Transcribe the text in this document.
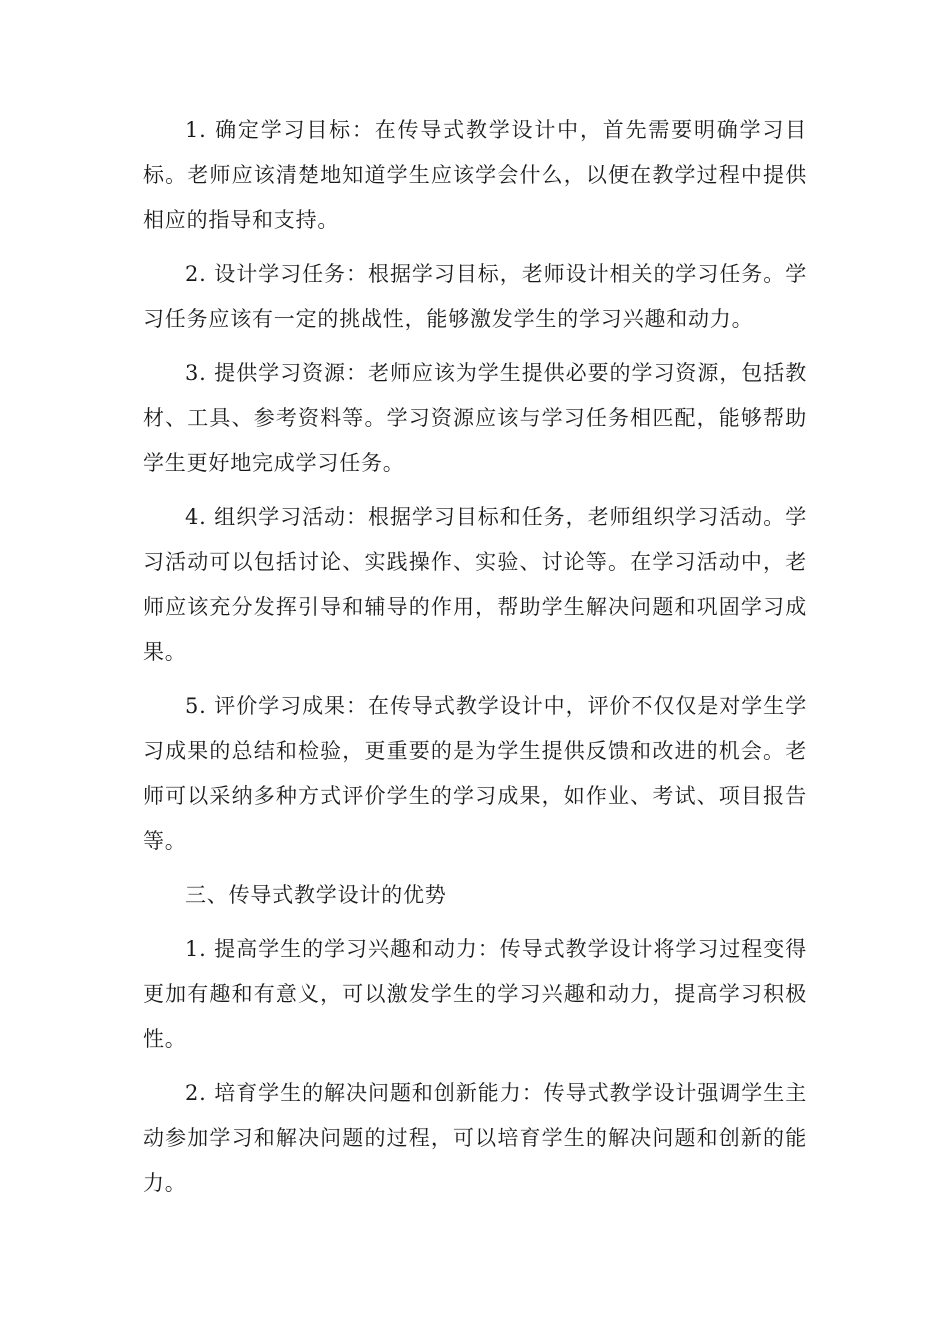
1. 确定学习目标：在传导式教学设计中，首先需要明确学习目标。老师应该清楚地知道学生应该学会什么，以便在教学过程中提供相应的指导和支持。

2. 设计学习任务：根据学习目标，老师设计相关的学习任务。学习任务应该有一定的挑战性，能够激发学生的学习兴趣和动力。

3. 提供学习资源：老师应该为学生提供必要的学习资源，包括教材、工具、参考资料等。学习资源应该与学习任务相匹配，能够帮助学生更好地完成学习任务。

4. 组织学习活动：根据学习目标和任务，老师组织学习活动。学习活动可以包括讨论、实践操作、实验、讨论等。在学习活动中，老师应该充分发挥引导和辅导的作用，帮助学生解决问题和巩固学习成果。

5. 评价学习成果：在传导式教学设计中，评价不仅仅是对学生学习成果的总结和检验，更重要的是为学生提供反馈和改进的机会。老师可以采纳多种方式评价学生的学习成果，如作业、考试、项目报告等。

三、传导式教学设计的优势

1. 提高学生的学习兴趣和动力：传导式教学设计将学习过程变得更加有趣和有意义，可以激发学生的学习兴趣和动力，提高学习积极性。

2. 培育学生的解决问题和创新能力：传导式教学设计强调学生主动参加学习和解决问题的过程，可以培育学生的解决问题和创新的能力。
